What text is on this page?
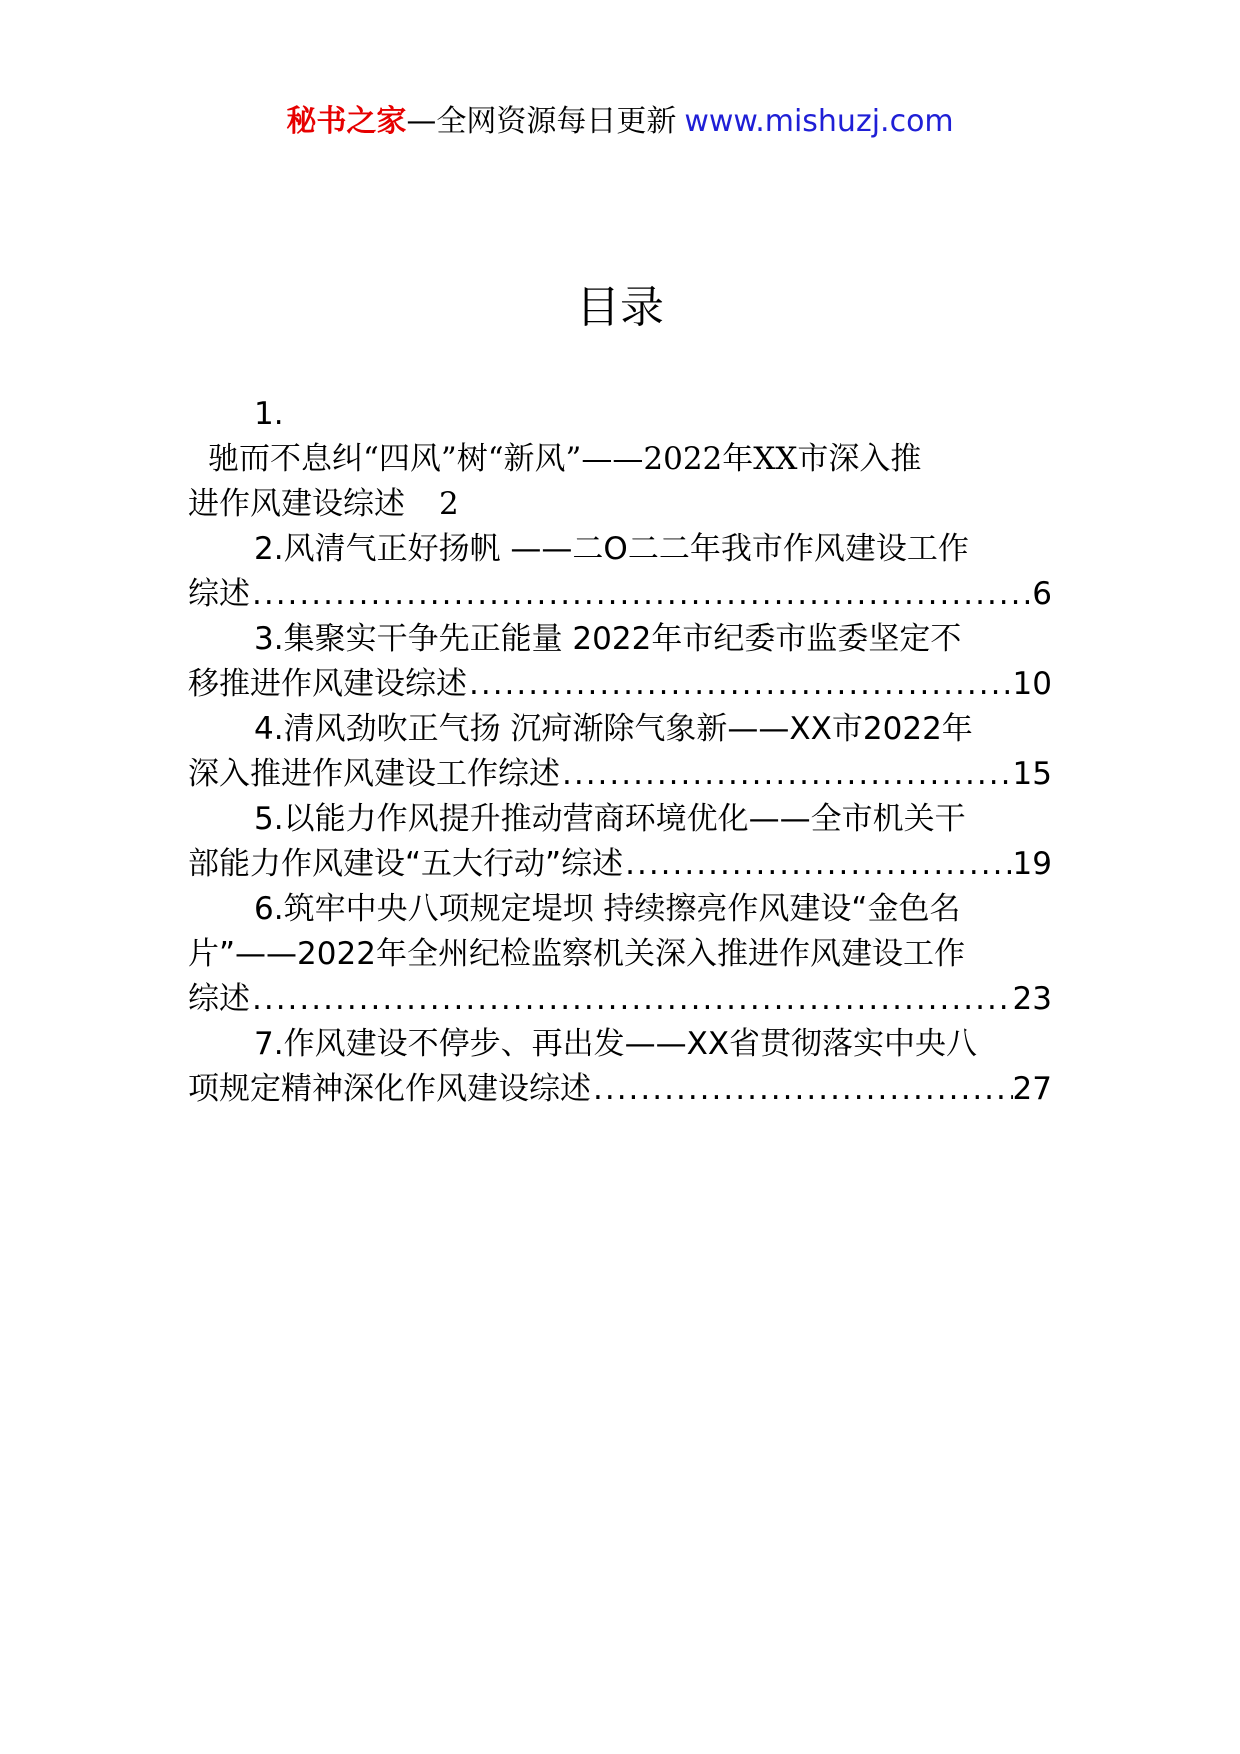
秘书之家—全网资源每日更新 www.mishuzj.com
目录
1.
驰而不息纠“四风”树“新风”——2022年XX市深入推
进作风建设综述 2
2.风清气正好扬帆 ——二O二二年我市作风建设工作
综述 .....	6
3.集聚实干争先正能量 2022年市纪委市监委坚定不
移推进作风建设综述 .....	10
4.清风劲吹正气扬 沉疴渐除气象新——XX市2022年
深入推进作风建设工作综述 .....	15
5.以能力作风提升推动营商环境优化——全市机关干
部能力作风建设“五大行动”综述 .....	19
6.筑牢中央八项规定堤坝 持续擦亮作风建设“金色名
片”——2022年全州纪检监察机关深入推进作风建设工作
综述 .....	23
7.作风建设不停步、再出发——XX省贯彻落实中央八
项规定精神深化作风建设综述 .....	27
